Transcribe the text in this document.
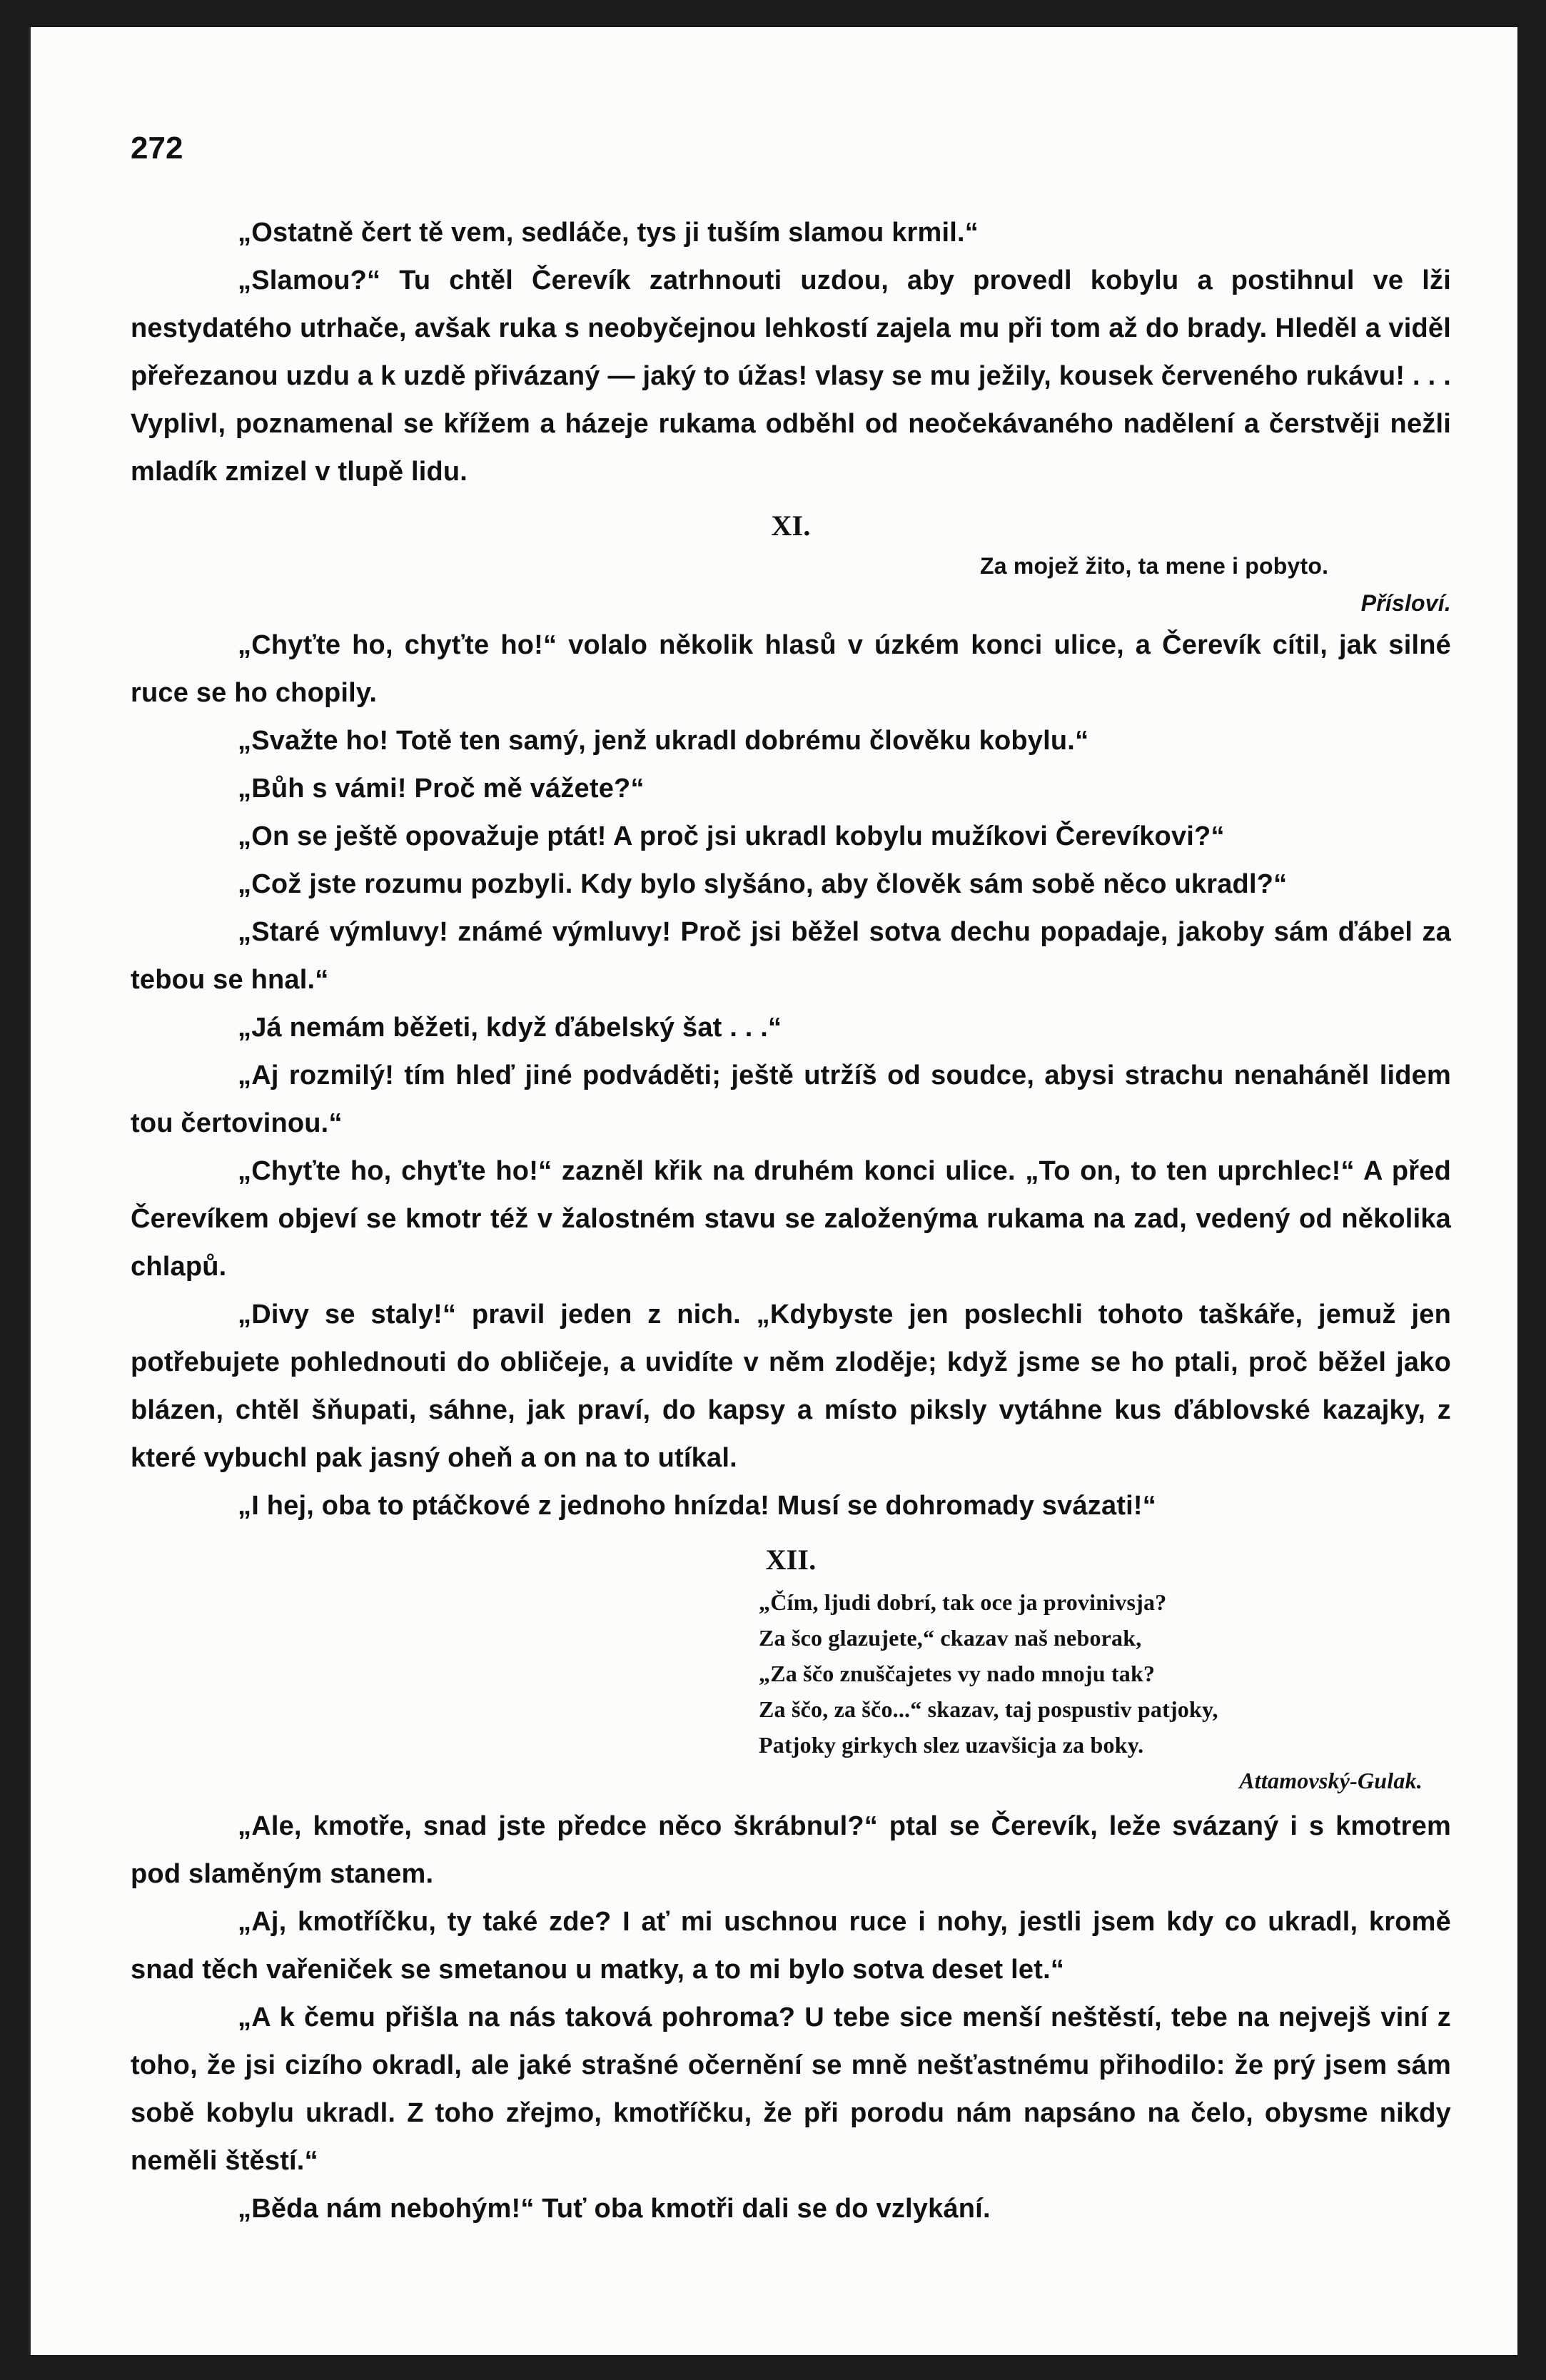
272

„Ostatně čert tě vem, sedláče, tys ji tuším slamou krmil.“

„Slamou?“ Tu chtěl Čerevík zatrhnouti uzdou, aby provedl kobylu a postihnul ve lži nestydatého utrhače, avšak ruka s neobyčejnou lehkostí zajela mu při tom až do brady. Hleděl a viděl přeřezanou uzdu a k uzdě přivázaný — jaký to úžas! vlasy se mu ježily, kousek červeného rukávu! . . . Vyplivl, poznamenal se křížem a házeje rukama odběhl od neočekávaného nadělení a čerstvěji nežli mladík zmizel v tlupě lidu.

XI.
Za mojež žito, ta mene i pobyto.
Přísloví.

„Chyťte ho, chyťte ho!“ volalo několik hlasů v úzkém konci ulice, a Čerevík cítil, jak silné ruce se ho chopily.

„Svažte ho! Totě ten samý, jenž ukradl dobrému člověku kobylu.“

„Bůh s vámi! Proč mě vážete?“

„On se ještě opovažuje ptát! A proč jsi ukradl kobylu mužíkovi Čerevíkovi?“

„Což jste rozumu pozbyli. Kdy bylo slyšáno, aby člověk sám sobě něco ukradl?“

„Staré výmluvy! známé výmluvy! Proč jsi běžel sotva dechu popadaje, jakoby sám ďábel za tebou se hnal.“

„Já nemám běžeti, když ďábelský šat . . .“

„Aj rozmilý! tím hleď jiné podváděti; ještě utržíš od soudce, abysi strachu nenaháněl lidem tou čertovinou.“

„Chyťte ho, chyťte ho!“ zazněl křik na druhém konci ulice. „To on, to ten uprchlec!“ A před Čerevíkem objeví se kmotr též v žalostném stavu se založenýma rukama na zad, vedený od několika chlapů.

„Divy se staly!“ pravil jeden z nich. „Kdybyste jen poslechli tohoto taškáře, jemuž jen potřebujete pohlednouti do obličeje, a uvidíte v něm zloděje; když jsme se ho ptali, proč běžel jako blázen, chtěl šňupati, sáhne, jak praví, do kapsy a místo piksly vytáhne kus ďáblovské kazajky, z které vybuchl pak jasný oheň a on na to utíkal.

„I hej, oba to ptáčkové z jednoho hnízda! Musí se dohromady svázati!“

XII.
„Čím, ljudi dobrí, tak oce ja provinivsja?
Za šco glazujete,“ ckazav naš neborak,
„Za ščo znuščajetes vy nado mnoju tak?
Za ščo, za ščo...“ skazav, taj pospustiv patjoky,
Patjoky girkych slez uzavšicja za boky.
Attamovský-Gulak.

„Ale, kmotře, snad jste předce něco škrábnul?“ ptal se Čerevík, leže svázaný i s kmotrem pod slaměným stanem.

„Aj, kmotříčku, ty také zde? I ať mi uschnou ruce i nohy, jestli jsem kdy co ukradl, kromě snad těch vařeniček se smetanou u matky, a to mi bylo sotva deset let.“

„A k čemu přišla na nás taková pohroma? U tebe sice menší neštěstí, tebe na nejvejš viní z toho, že jsi cizího okradl, ale jaké strašné očernění se mně nešťastnému přihodilo: že prý jsem sám sobě kobylu ukradl. Z toho zřejmo, kmotříčku, že při porodu nám napsáno na čelo, obysme nikdy neměli štěstí.“

„Běda nám nebohým!“ Tuť oba kmotři dali se do vzlykání.
